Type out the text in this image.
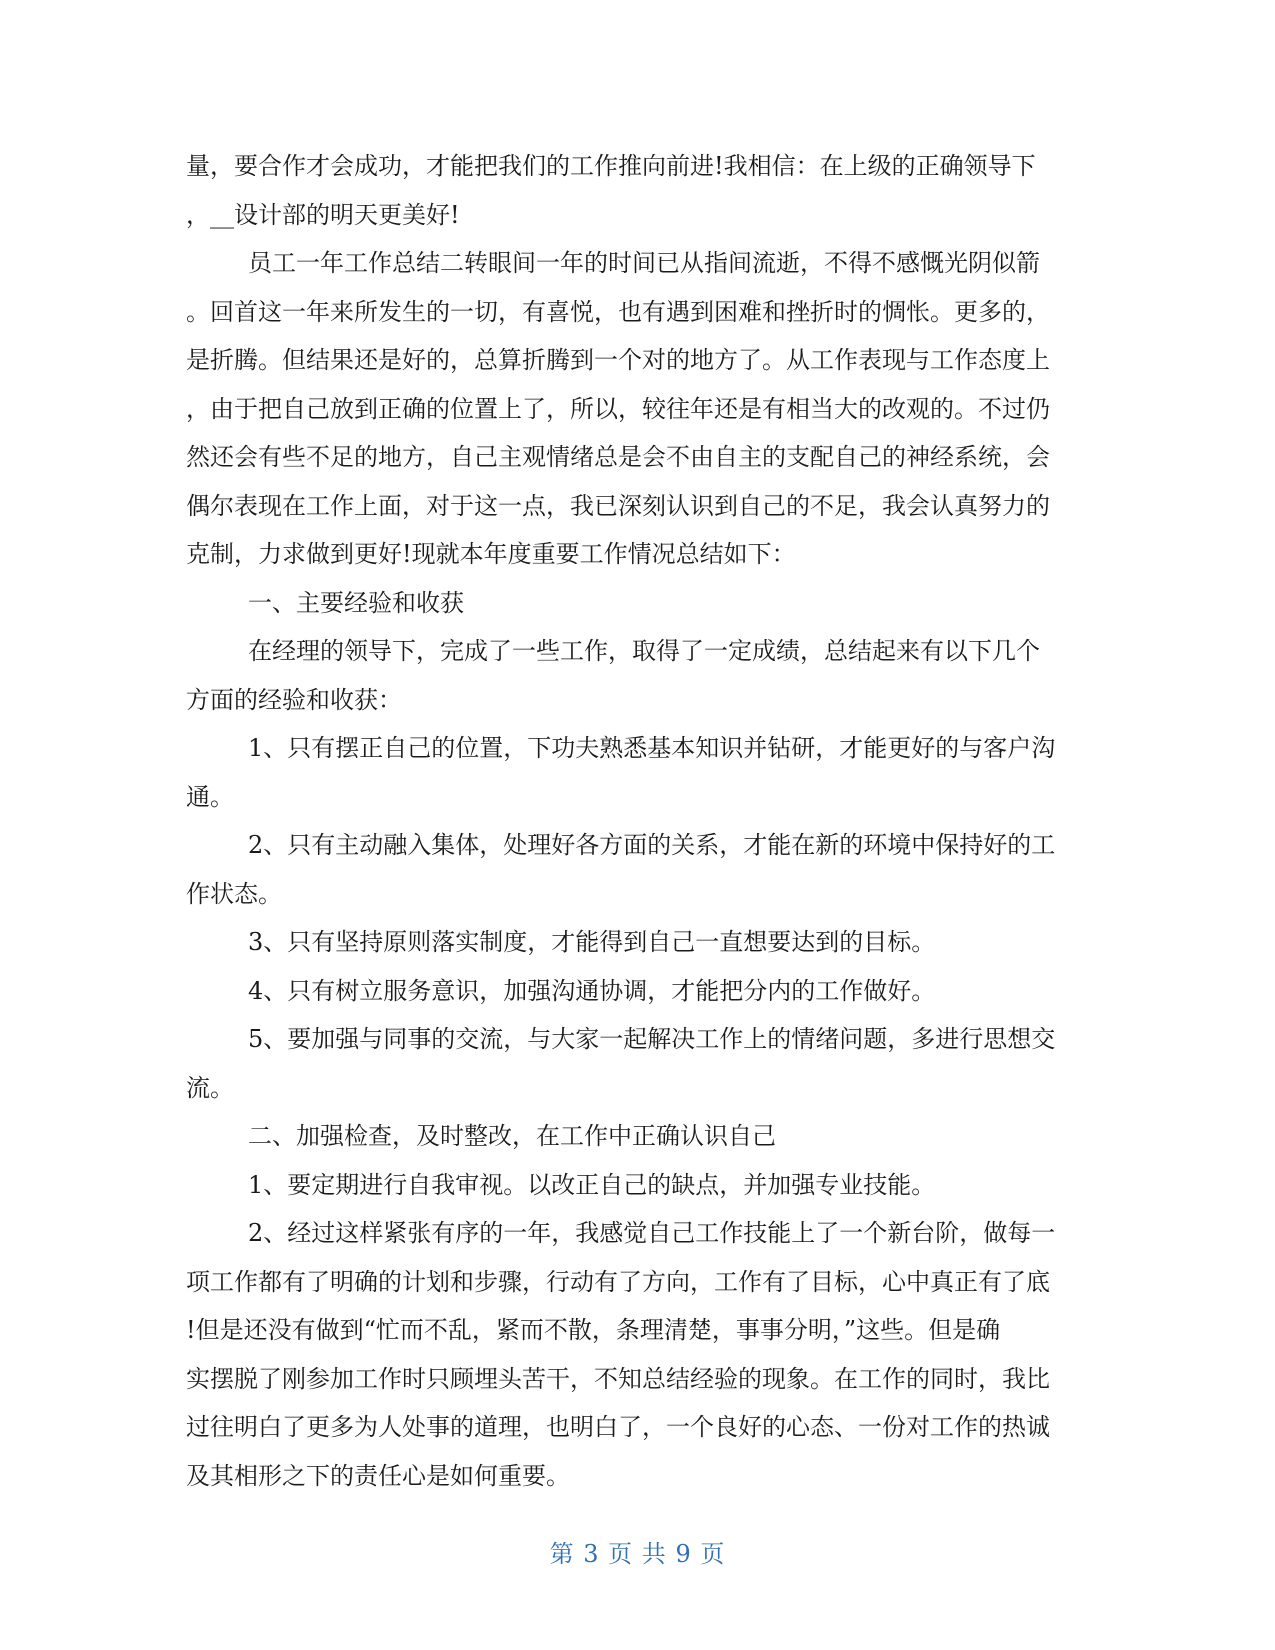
量，要合作才会成功，才能把我们的工作推向前进!我相信：在上级的正确领导下
，__设计部的明天更美好!
员工一年工作总结二转眼间一年的时间已从指间流逝，不得不感慨光阴似箭
。回首这一年来所发生的一切，有喜悦，也有遇到困难和挫折时的惆怅。更多的，
是折腾。但结果还是好的，总算折腾到一个对的地方了。从工作表现与工作态度上
，由于把自己放到正确的位置上了，所以，较往年还是有相当大的改观的。不过仍
然还会有些不足的地方，自己主观情绪总是会不由自主的支配自己的神经系统，会
偶尔表现在工作上面，对于这一点，我已深刻认识到自己的不足，我会认真努力的
克制，力求做到更好!现就本年度重要工作情况总结如下：
一、主要经验和收获
在经理的领导下，完成了一些工作，取得了一定成绩，总结起来有以下几个
方面的经验和收获：
1、只有摆正自己的位置，下功夫熟悉基本知识并钻研，才能更好的与客户沟
通。
2、只有主动融入集体，处理好各方面的关系，才能在新的环境中保持好的工
作状态。
3、只有坚持原则落实制度，才能得到自己一直想要达到的目标。
4、只有树立服务意识，加强沟通协调，才能把分内的工作做好。
5、要加强与同事的交流，与大家一起解决工作上的情绪问题，多进行思想交
流。
二、加强检查，及时整改，在工作中正确认识自己
1、要定期进行自我审视。以改正自己的缺点，并加强专业技能。
2、经过这样紧张有序的一年，我感觉自己工作技能上了一个新台阶，做每一
项工作都有了明确的计划和步骤，行动有了方向，工作有了目标，心中真正有了底
!但是还没有做到“忙而不乱，紧而不散，条理清楚，事事分明，”这些。但是确
实摆脱了刚参加工作时只顾埋头苦干，不知总结经验的现象。在工作的同时，我比
过往明白了更多为人处事的道理，也明白了，一个良好的心态、一份对工作的热诚
及其相形之下的责任心是如何重要。
第 3 页 共 9 页
